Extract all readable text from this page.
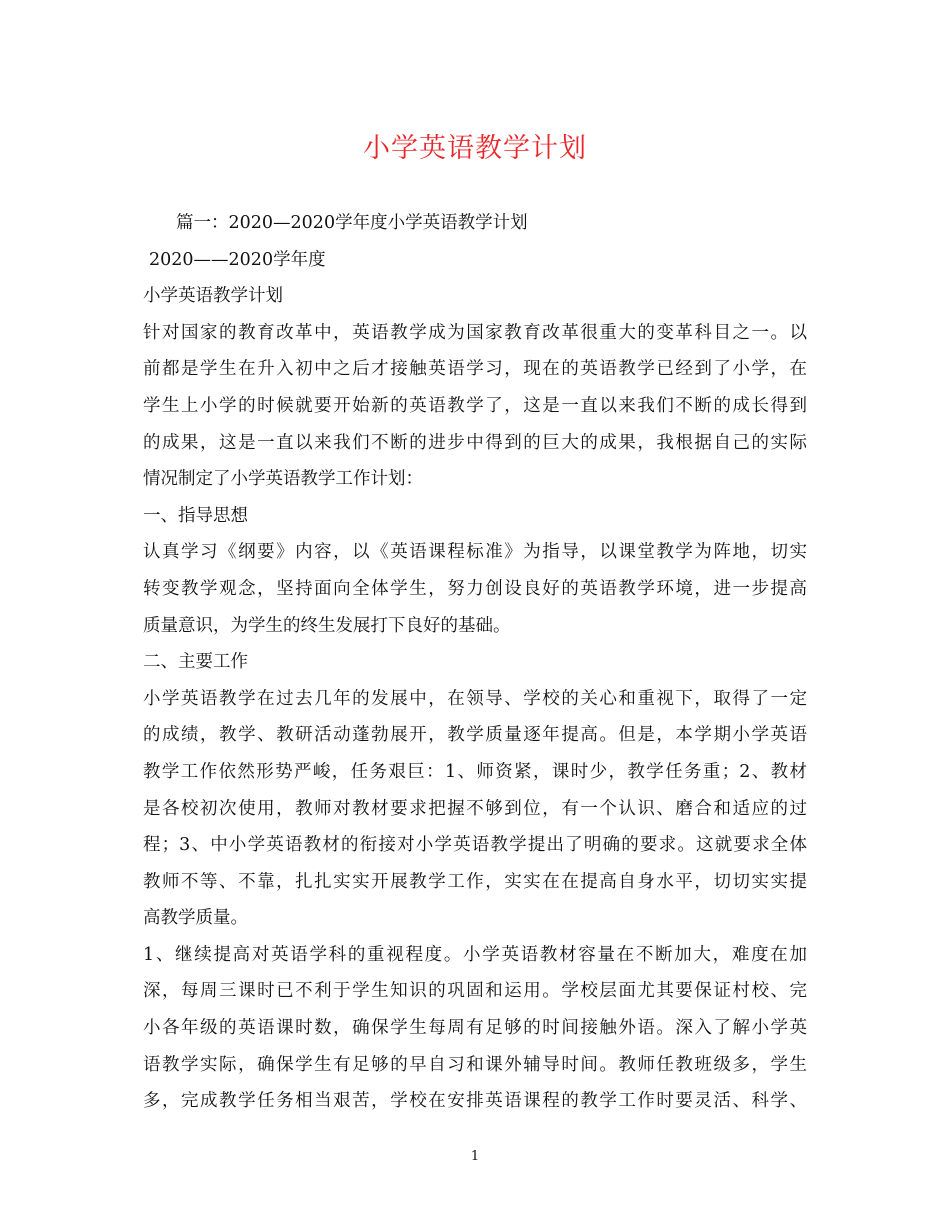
小学英语教学计划
篇一：2020—2020学年度小学英语教学计划
2020——2020学年度
小学英语教学计划
针对国家的教育改革中，英语教学成为国家教育改革很重大的变革科目之一。以
前都是学生在升入初中之后才接触英语学习，现在的英语教学已经到了小学，在
学生上小学的时候就要开始新的英语教学了，这是一直以来我们不断的成长得到
的成果，这是一直以来我们不断的进步中得到的巨大的成果，我根据自己的实际
情况制定了小学英语教学工作计划：
一、指导思想
认真学习《纲要》内容，以《英语课程标准》为指导，以课堂教学为阵地，切实
转变教学观念，坚持面向全体学生，努力创设良好的英语教学环境，进一步提高
质量意识，为学生的终生发展打下良好的基础。
二、主要工作
小学英语教学在过去几年的发展中，在领导、学校的关心和重视下，取得了一定
的成绩，教学、教研活动蓬勃展开，教学质量逐年提高。但是，本学期小学英语
教学工作依然形势严峻，任务艰巨：1、师资紧，课时少，教学任务重；2、教材
是各校初次使用，教师对教材要求把握不够到位，有一个认识、磨合和适应的过
程；3、中小学英语教材的衔接对小学英语教学提出了明确的要求。这就要求全体
教师不等、不靠，扎扎实实开展教学工作，实实在在提高自身水平，切切实实提
高教学质量。
1、继续提高对英语学科的重视程度。小学英语教材容量在不断加大，难度在加
深，每周三课时已不利于学生知识的巩固和运用。学校层面尤其要保证村校、完
小各年级的英语课时数，确保学生每周有足够的时间接触外语。深入了解小学英
语教学实际，确保学生有足够的早自习和课外辅导时间。教师任教班级多，学生
多，完成教学任务相当艰苦，学校在安排英语课程的教学工作时要灵活、科学、
1
